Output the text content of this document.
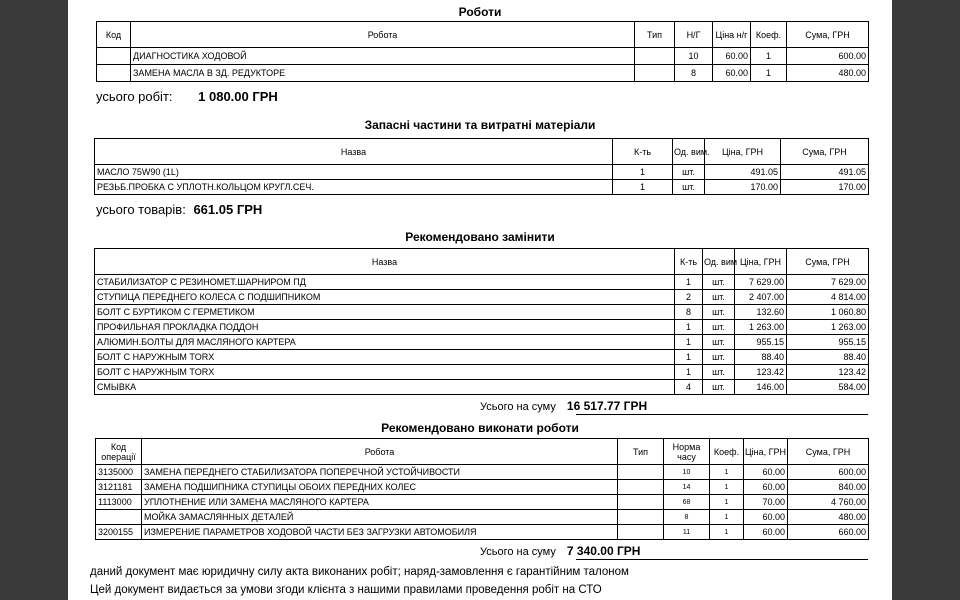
Роботи
Код	Робота	Тип	Н/Г	Ціна н/г	Коеф.	Сума, ГРН
	ДИАГНОСТИКА ХОДОВОЙ		10	60.00	1	600.00
	ЗАМЕНА МАСЛА В ЗД. РЕДУКТОРЕ		8	60.00	1	480.00
усього робіт: 1 080.00 ГРН
Запасні частини та витратні матеріали
Назва	К-ть	Од. вим.	Ціна, ГРН	Сума, ГРН
МАСЛО 75W90 (1L)	1	шт.	491.05	491.05
РЕЗЬБ.ПРОБКА С УПЛОТН.КОЛЬЦОМ КРУГЛ.СЕЧ.	1	шт.	170.00	170.00
усього товарів: 661.05 ГРН
Рекомендовано замінити
Назва	К-ть	Од. вим	Ціна, ГРН	Сума, ГРН
СТАБИЛИЗАТОР С РЕЗИНОМЕТ.ШАРНИРОМ ПД	1	шт.	7 629.00	7 629.00
СТУПИЦА ПЕРЕДНЕГО КОЛЕСА С ПОДШИПНИКОМ	2	шт.	2 407.00	4 814.00
БОЛТ С БУРТИКОМ С ГЕРМЕТИКОМ	8	шт.	132.60	1 060.80
ПРОФИЛЬНАЯ ПРОКЛАДКА ПОДДОН	1	шт.	1 263.00	1 263.00
АЛЮМИН.БОЛТЫ ДЛЯ МАСЛЯНОГО КАРТЕРА	1	шт.	955.15	955.15
БОЛТ С НАРУЖНЫМ TORX	1	шт.	88.40	88.40
БОЛТ С НАРУЖНЫМ TORX	1	шт.	123.42	123.42
СМЫВКА	4	шт.	146.00	584.00
Усього на суму 16 517.77 ГРН
Рекомендовано виконати роботи
Код операції	Робота	Тип	Норма часу	Коеф.	Ціна, ГРН	Сума, ГРН
3135000	ЗАМЕНА ПЕРЕДНЕГО СТАБИЛИЗАТОРА ПОПЕРЕЧНОЙ УСТОЙЧИВОСТИ		10	1	60.00	600.00
3121181	ЗАМЕНА ПОДШИПНИКА СТУПИЦЫ ОБОИХ ПЕРЕДНИХ КОЛЕС		14	1	60.00	840.00
1113000	УПЛОТНЕНИЕ ИЛИ ЗАМЕНА МАСЛЯНОГО КАРТЕРА		68	1	70.00	4 760.00
	МОЙКА ЗАМАСЛЯННЫХ ДЕТАЛЕЙ		8	1	60.00	480.00
3200155	ИЗМЕРЕНИЕ ПАРАМЕТРОВ ХОДОВОЙ ЧАСТИ БЕЗ ЗАГРУЗКИ АВТОМОБИЛЯ		11	1	60.00	660.00
Усього на суму 7 340.00 ГРН
даний документ має юридичну силу акта виконаних робіт; наряд-замовлення є гарантійним талоном
Цей документ видається за умови згоди клієнта з нашими правилами проведення робіт на СТО
